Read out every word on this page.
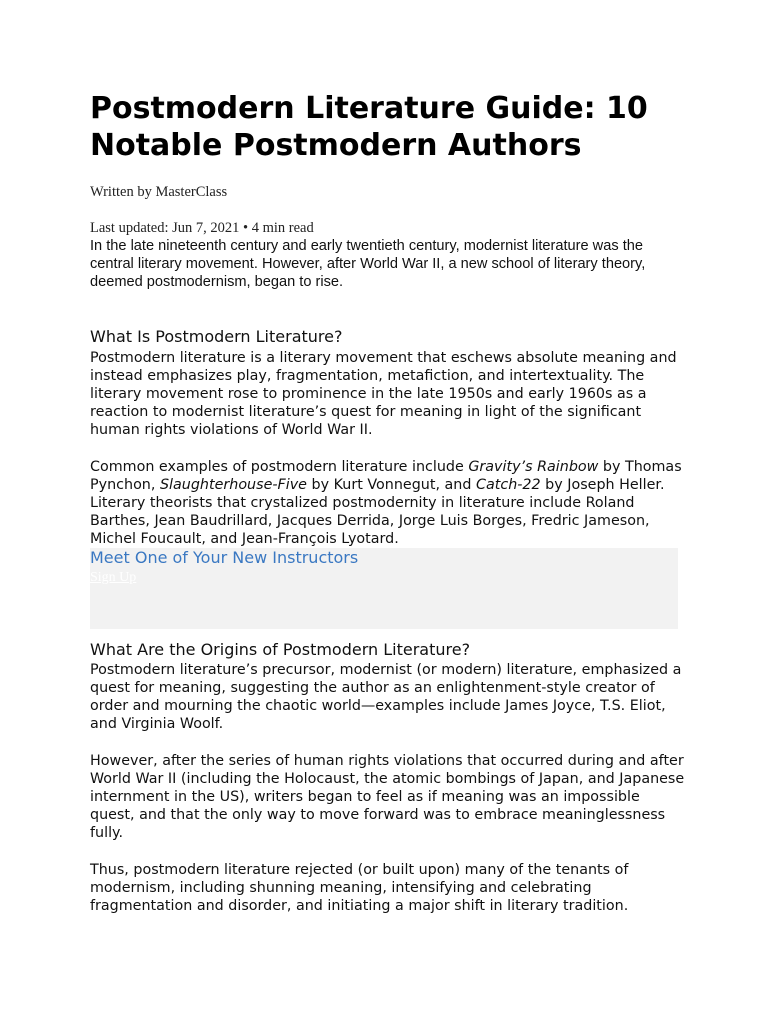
Postmodern Literature Guide: 10 Notable Postmodern Authors
Written by MasterClass
Last updated: Jun 7, 2021 • 4 min read

In the late nineteenth century and early twentieth century, modernist literature was the central literary movement. However, after World War II, a new school of literary theory, deemed postmodernism, began to rise.

What Is Postmodern Literature?

Postmodern literature is a literary movement that eschews absolute meaning and instead emphasizes play, fragmentation, metafiction, and intertextuality. The literary movement rose to prominence in the late 1950s and early 1960s as a reaction to modernist literature’s quest for meaning in light of the significant human rights violations of World War II.

Common examples of postmodern literature include Gravity’s Rainbow by Thomas Pynchon, Slaughterhouse-Five by Kurt Vonnegut, and Catch-22 by Joseph Heller. Literary theorists that crystalized postmodernity in literature include Roland Barthes, Jean Baudrillard, Jacques Derrida, Jorge Luis Borges, Fredric Jameson, Michel Foucault, and Jean-François Lyotard.

Meet One of Your New Instructors
Sign Up
What Are the Origins of Postmodern Literature?

Postmodern literature’s precursor, modernist (or modern) literature, emphasized a quest for meaning, suggesting the author as an enlightenment-style creator of order and mourning the chaotic world—examples include James Joyce, T.S. Eliot, and Virginia Woolf.

However, after the series of human rights violations that occurred during and after World War II (including the Holocaust, the atomic bombings of Japan, and Japanese internment in the US), writers began to feel as if meaning was an impossible quest, and that the only way to move forward was to embrace meaninglessness fully.

Thus, postmodern literature rejected (or built upon) many of the tenants of modernism, including shunning meaning, intensifying and celebrating fragmentation and disorder, and initiating a major shift in literary tradition.
